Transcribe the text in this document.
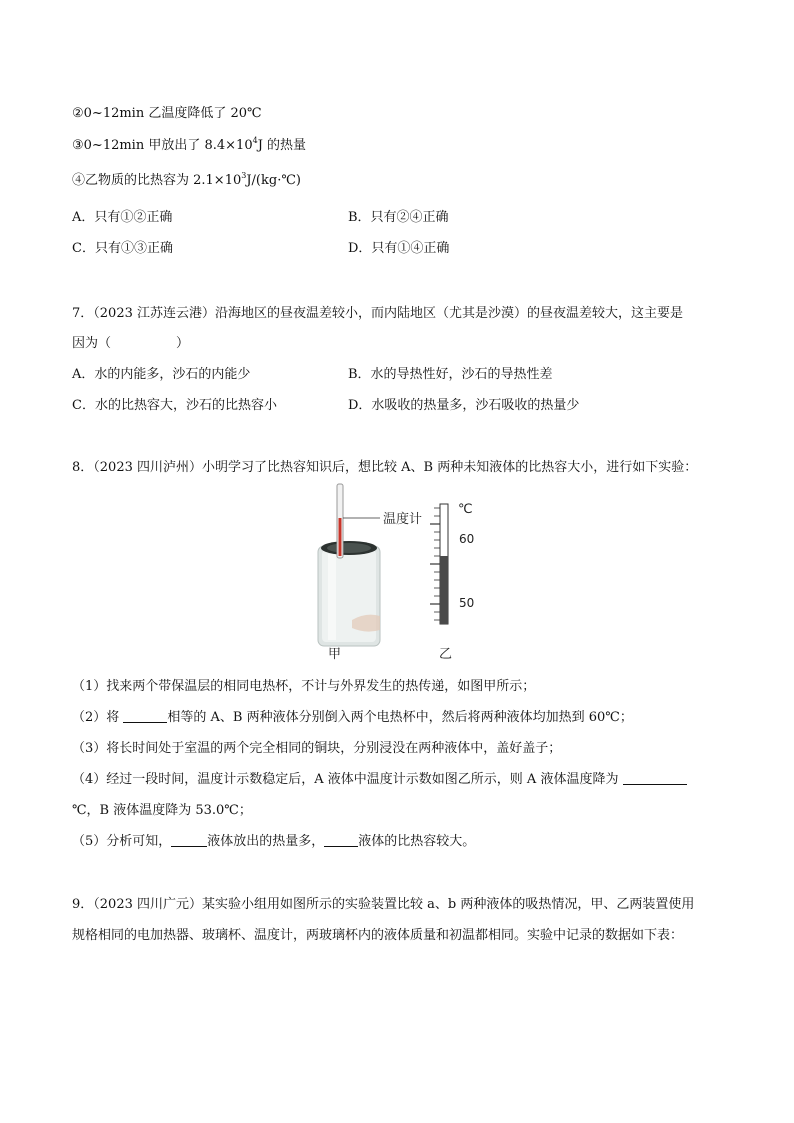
②0~12min 乙温度降低了 20℃
③0~12min 甲放出了 $8.4\times 10^4J$ 的热量
④乙物质的比热容为 $2.1\times 10^3J/(kg\cdot℃)$
A．只有①②正确	B．只有②④正确
C．只有①③正确	D．只有①④正确
7．（2023 江苏连云港）沿海地区的昼夜温差较小，而内陆地区（尤其是沙漠）的昼夜温差较大，这主要是
因为（　　　　　）
A．水的内能多，沙石的内能少	B．水的导热性好，沙石的导热性差
C．水的比热容大，沙石的比热容小	D．水吸收的热量多，沙石吸收的热量少
8．（2023 四川泸州）小明学习了比热容知识后，想比较 A、B 两种未知液体的比热容大小，进行如下实验：
温度计
℃
60
50
甲	乙
（1）找来两个带保温层的相同电热杯，不计与外界发生的热传递，如图甲所示；
（2）将	相等的 A、B 两种液体分别倒入两个电热杯中，然后将两种液体均加热到 60℃；
（3）将长时间处于室温的两个完全相同的铜块，分别浸没在两种液体中，盖好盖子；
（4）经过一段时间，温度计示数稳定后，A 液体中温度计示数如图乙所示，则 A 液体温度降为
℃，B 液体温度降为 53.0℃；
（5）分析可知，	液体放出的热量多，	液体的比热容较大。
9．（2023 四川广元）某实验小组用如图所示的实验装置比较 a、b 两种液体的吸热情况，甲、乙两装置使用
规格相同的电加热器、玻璃杯、温度计，两玻璃杯内的液体质量和初温都相同。实验中记录的数据如下表：
